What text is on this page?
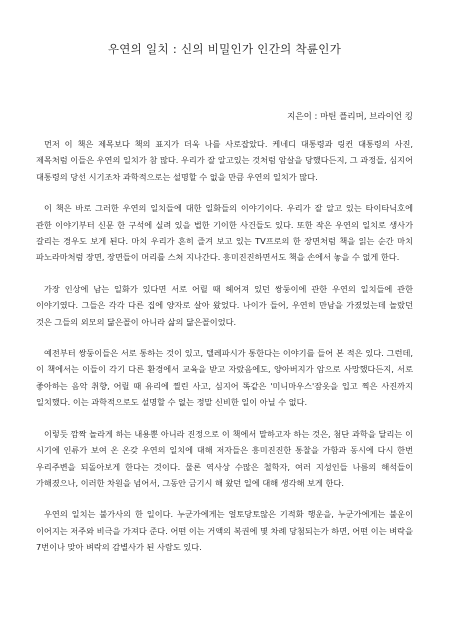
우연의 일치 : 신의 비밀인가 인간의 착륜인가

지은이 : 마틴 플리머, 브라이언 킹

먼저 이 책은 제목보다 책의 표지가 더욱 나를 사로잡았다. 케네디 대통령과 링컨 대통령의 사진, 제목처럼 이들은 우연의 일치가 참 많다. 우리가 잘 알고있는 것처럼 암살을 당했다든지, 그 과정들, 심지어 대통령의 당선 시기조차 과학적으로는 설명할 수 없을 만큼 우연의 일치가 많다.

이 책은 바로 그러한 우연의 일치들에 대한 일화들의 이야기이다. 우리가 잘 알고 있는 타이타닉호에 관한 이야기부터 신문 한 구석에 실려 있을 법한 기이한 사건들도 있다. 또한 작은 우연의 일치로 생사가 갈리는 경우도 보게 된다. 마치 우리가 흔히 즐겨 보고 있는 TV프로의 한 장면처럼 책을 읽는 순간 마치 파노라마처럼 장면, 장면들이 머리를 스쳐 지나간다. 흥미진진하면서도 책을 손에서 놓을 수 없게 한다.

가장 인상에 남는 일화가 있다면 서로 어릴 때 헤어져 있던 쌍둥이에 관한 우연의 일치들에 관한 이야기였다. 그들은 각각 다른 집에 양자로 살아 왔었다. 나이가 들어, 우연히 만남을 가졌었는데 놀랐던 것은 그들의 외모의 닮은꼴이 아니라 삶의 닮은꼴이었다.

예전부터 쌍둥이들은 서로 통하는 것이 있고, 텔레파시가 통한다는 이야기를 들어 본 적은 있다. 그런데, 이 책에서는 이들이 각기 다른 환경에서 교육을 받고 자랐음에도, 양아버지가 암으로 사망했다든지, 서로 좋아하는 음악 취향, 어릴 때 유리에 찔린 사고, 심지어 똑같은 '미니마우스'잠옷을 입고 찍은 사진까지 일치했다. 이는 과학적으로도 설명할 수 없는 정말 신비한 일이 아닐 수 없다.

이렇듯 깜짝 놀라게 하는 내용뿐 아니라 진정으로 이 책에서 말하고자 하는 것은, 첨단 과학을 달리는 이 시기에 인류가 보여 온 온갖 우연의 일치에 대해 저자들은 흥미진진한 통찰을 가함과 동시에 다시 한번 우리주변을 되돌아보게 한다는 것이다. 물론 역사상 수많은 철학자, 여러 지성인들 나름의 해석들이 가해졌으나, 이러한 차원을 넘어서, 그동안 금기시 해 왔던 일에 대해 생각해 보게 한다.

우연의 일치는 불가사의 한 일이다. 누군가에게는 얼토당토않은 기적화 행운을, 누군가에게는 불운이 이어지는 저주와 비극을 가져다 준다. 어떤 이는 거액의 복권에 몇 차례 당첨되는가 하면, 어떤 이는 벼락을 7번이나 맞아 벼락의 감별사가 된 사람도 있다.
